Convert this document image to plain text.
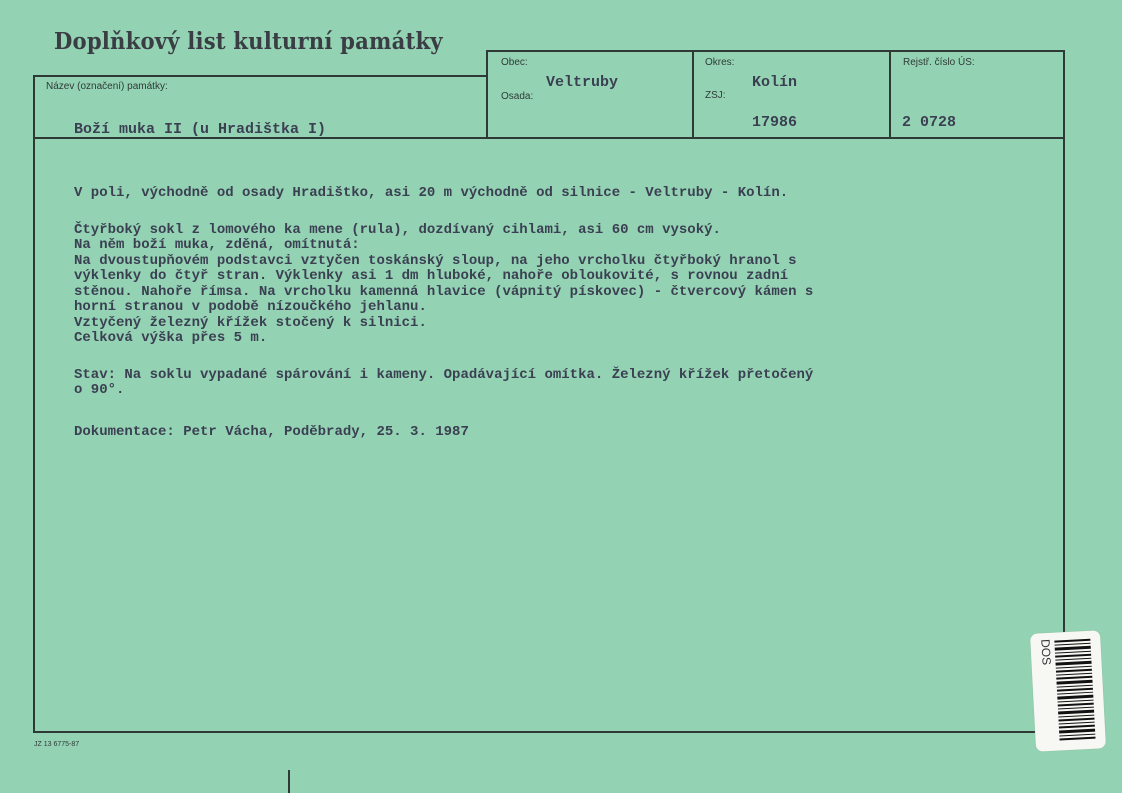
Doplňkový list kulturní památky
Název (označení) památky:
Obec:
Osada:
Okres:
ZSJ:
Rejstř. číslo ÚS:
Boží muka II (u Hradištka I)
Veltruby	Kolín
17986	2 0728

V poli, východně od osady Hradištko, asi 20 m východně od silnice - Veltruby - Kolín.

Čtyřboký sokl z lomového ka mene (rula), dozdívaný cihlami, asi 60 cm vysoký.

Na něm boží muka, zděná, omítnutá:

Na dvoustupňovém podstavci vztyčen toskánský sloup, na jeho vrcholku čtyřboký hranol s

výklenky do čtyř stran. Výklenky asi 1 dm hluboké, nahoře obloukovité, s rovnou zadní

stěnou. Nahoře římsa. Na vrcholku kamenná hlavice (vápnitý pískovec) - čtvercový kámen s

horní stranou v podobě nízoučkého jehlanu.

Vztyčený železný křížek stočený k silnici.

Celková výška přes 5 m.

Stav: Na soklu vypadané spárování i kameny. Opadávající omítka. Železný křížek přetočený

o 90°.

Dokumentace: Petr Vácha, Poděbrady, 25. 3. 1987

DOS
JZ 13 6775-87
